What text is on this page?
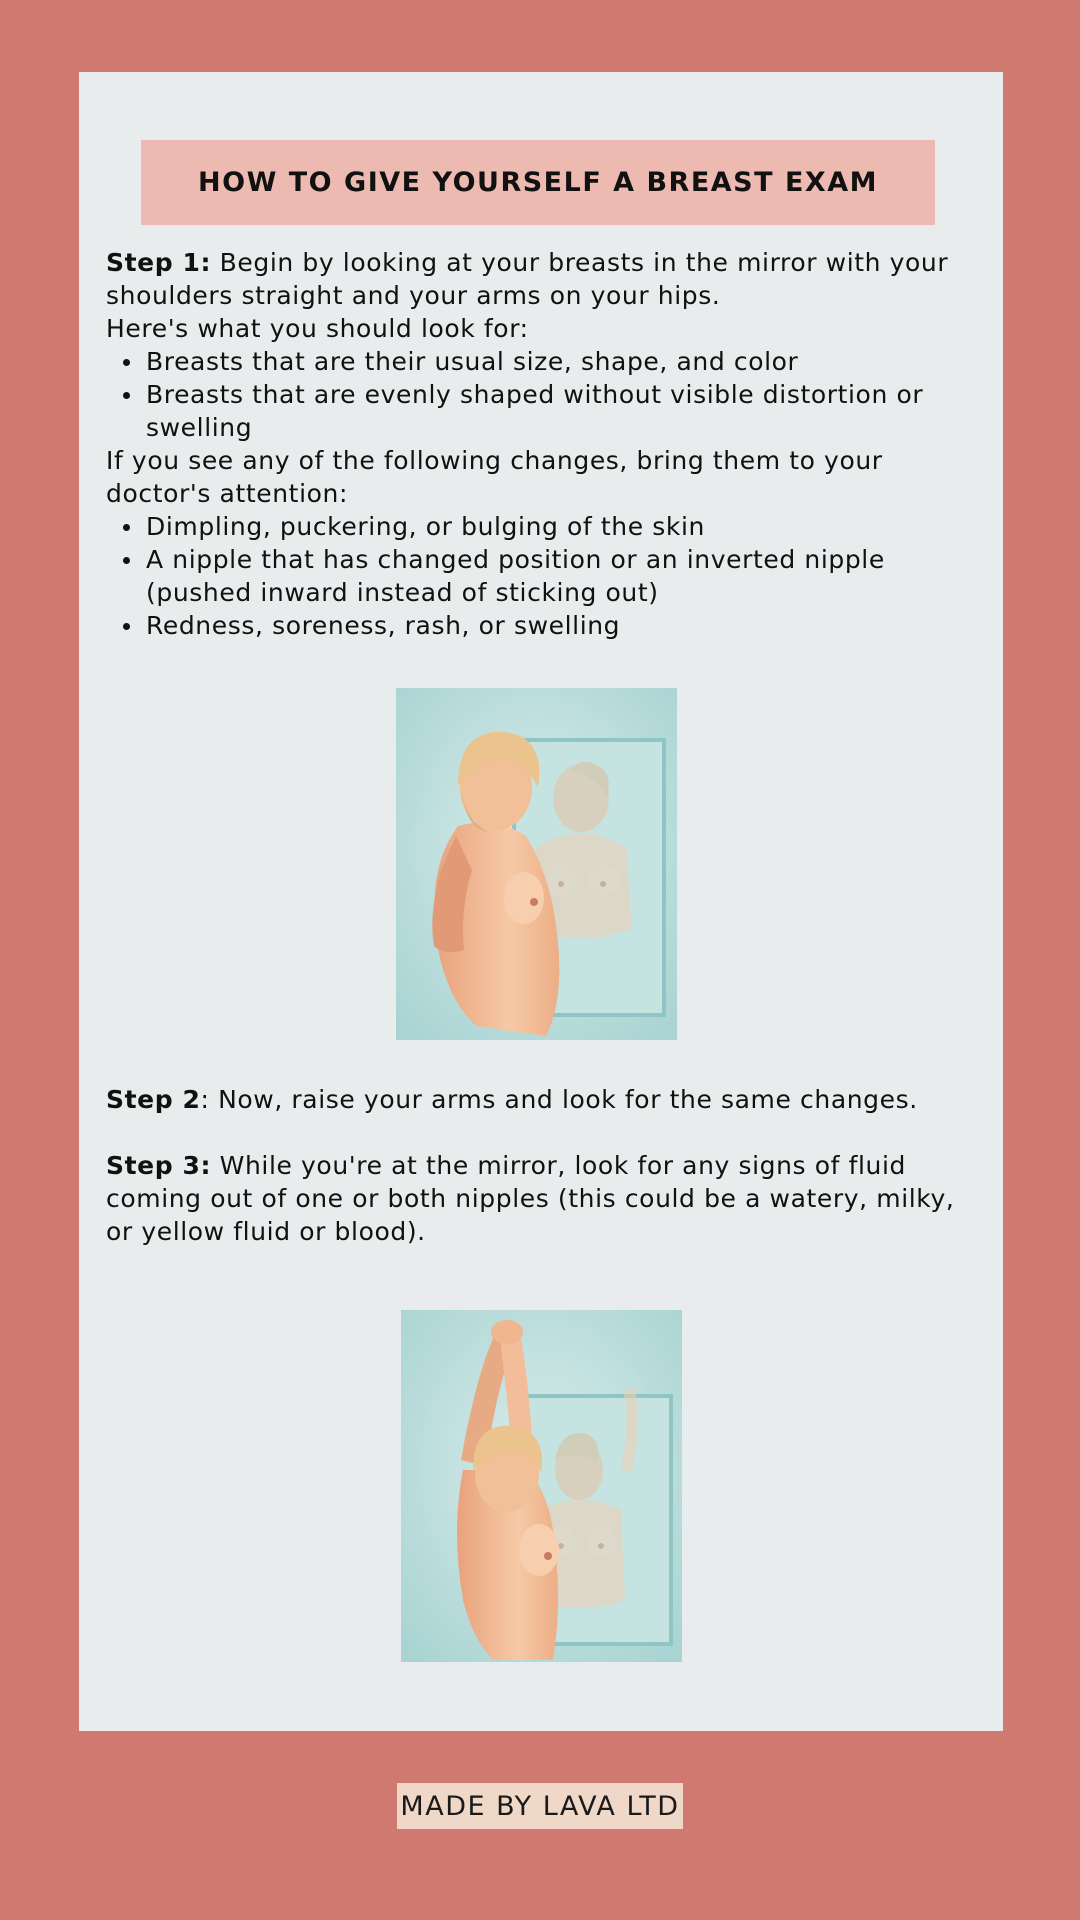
HOW TO GIVE YOURSELF A BREAST EXAM

Step 1: Begin by looking at your breasts in the mirror with your shoulders straight and your arms on your hips.

Here's what you should look for:

Breasts that are their usual size, shape, and color
Breasts that are evenly shaped without visible distortion or swelling

If you see any of the following changes, bring them to your doctor's attention:

Dimpling, puckering, or bulging of the skin
A nipple that has changed position or an inverted nipple (pushed inward instead of sticking out)
Redness, soreness, rash, or swelling

Step 2: Now, raise your arms and look for the same changes.

Step 3: While you're at the mirror, look for any signs of fluid coming out of one or both nipples (this could be a watery, milky, or yellow fluid or blood).

MADE BY LAVA LTD
